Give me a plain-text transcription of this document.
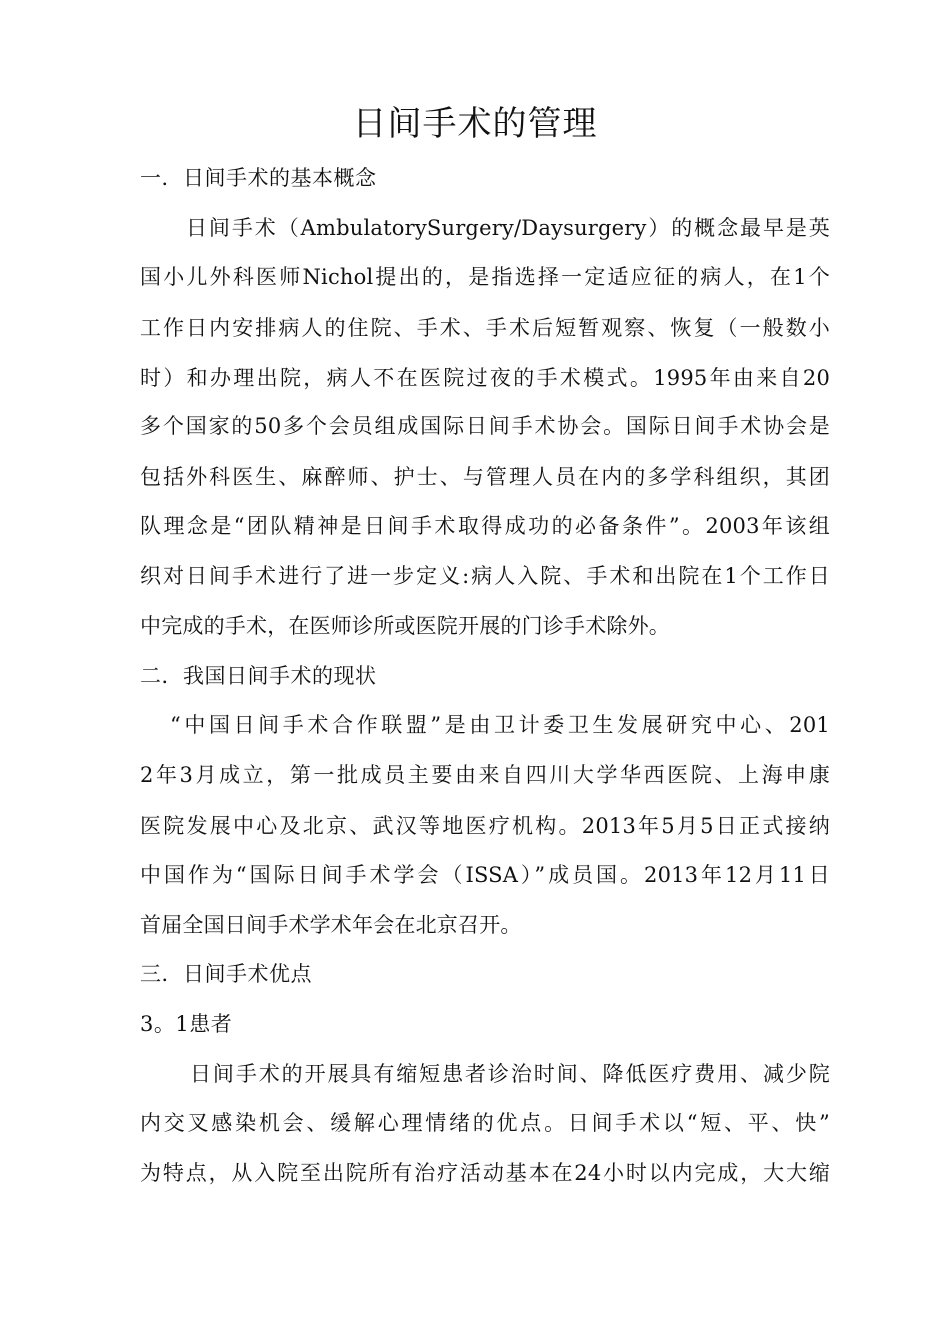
日间手术的管理
一．日间手术的基本概念
日间手术（AmbulatorySurgery/Daysurgery）的概念最早是英
国小儿外科医师Nichol提出的，是指选择一定适应征的病人，在1个
工作日内安排病人的住院、手术、手术后短暂观察、恢复（一般数小
时）和办理出院，病人不在医院过夜的手术模式。1995年由来自20
多个国家的50多个会员组成国际日间手术协会。国际日间手术协会是
包括外科医生、麻醉师、护士、与管理人员在内的多学科组织，其团
队理念是“团队精神是日间手术取得成功的必备条件”。2003年该组
织对日间手术进行了进一步定义:病人入院、手术和出院在1个工作日
中完成的手术，在医师诊所或医院开展的门诊手术除外。
二．我国日间手术的现状
“中国日间手术合作联盟”是由卫计委卫生发展研究中心、201
2年3月成立，第一批成员主要由来自四川大学华西医院、上海申康
医院发展中心及北京、武汉等地医疗机构。2013年5月5日正式接纳
中国作为“国际日间手术学会（ISSA）”成员国。2013年12月11日
首届全国日间手术学术年会在北京召开。
三．日间手术优点
3。1患者
日间手术的开展具有缩短患者诊治时间、降低医疗费用、减少院
内交叉感染机会、缓解心理情绪的优点。日间手术以“短、平、快”
为特点，从入院至出院所有治疗活动基本在24小时以内完成，大大缩
